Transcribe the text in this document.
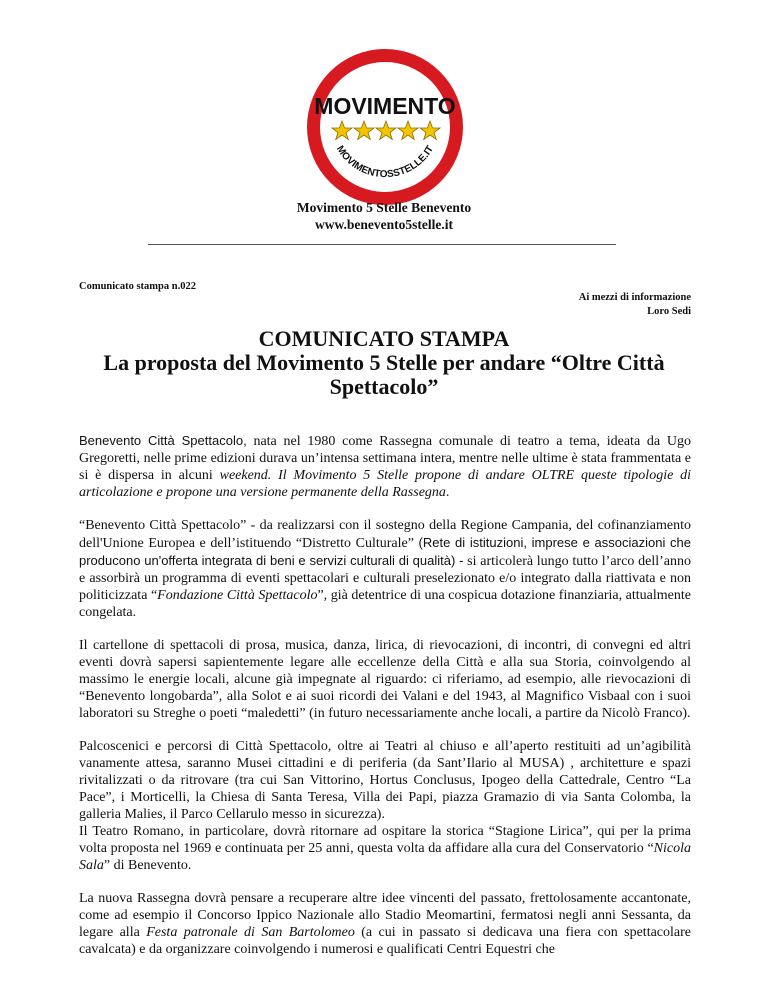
MOVIMENTO
MOVIMENTOSSTELLE.IT
Movimento 5 Stelle Benevento
www.benevento5stelle.it
Comunicato stampa n.022
Ai mezzi di informazione
Loro Sedi
COMUNICATO STAMPA
La proposta del Movimento 5 Stelle per andare “Oltre Città Spettacolo”

Benevento Città Spettacolo, nata nel 1980 come Rassegna comunale di teatro a tema, ideata da Ugo Gregoretti, nelle prime edizioni durava un’intensa settimana intera, mentre nelle ultime è stata frammentata e si è dispersa in alcuni weekend. Il Movimento 5 Stelle propone di andare OLTRE queste tipologie di articolazione e propone una versione permanente della Rassegna.

“Benevento Città Spettacolo” - da realizzarsi con il sostegno della Regione Campania, del cofinanziamento dell'Unione Europea e dell’istituendo “Distretto Culturale” (Rete di istituzioni, imprese e associazioni che producono un'offerta integrata di beni e servizi culturali di qualità) - si articolerà lungo tutto l’arco dell’anno e assorbirà un programma di eventi spettacolari e culturali preselezionato e/o integrato dalla riattivata e non politicizzata “Fondazione Città Spettacolo”, già detentrice di una cospicua dotazione finanziaria, attualmente congelata.

Il cartellone di spettacoli di prosa, musica, danza, lirica, di rievocazioni, di incontri, di convegni ed altri eventi dovrà sapersi sapientemente legare alle eccellenze della Città e alla sua Storia, coinvolgendo al massimo le energie locali, alcune già impegnate al riguardo: ci riferiamo, ad esempio, alle rievocazioni di “Benevento longobarda”, alla Solot e ai suoi ricordi dei Valani e del 1943, al Magnifico Visbaal con i suoi laboratori su Streghe o poeti “maledetti” (in futuro necessariamente anche locali, a partire da Nicolò Franco).

Palcoscenici e percorsi di Città Spettacolo, oltre ai Teatri al chiuso e all’aperto restituiti ad un’agibilità vanamente attesa, saranno Musei cittadini e di periferia (da Sant’Ilario al MUSA) , architetture e spazi rivitalizzati o da ritrovare (tra cui San Vittorino, Hortus Conclusus, Ipogeo della Cattedrale, Centro “La Pace”, i Morticelli, la Chiesa di Santa Teresa, Villa dei Papi, piazza Gramazio di via Santa Colomba, la galleria Malies, il Parco Cellarulo messo in sicurezza).
Il Teatro Romano, in particolare, dovrà ritornare ad ospitare la storica “Stagione Lirica”, qui per la prima volta proposta nel 1969 e continuata per 25 anni, questa volta da affidare alla cura del Conservatorio “Nicola Sala” di Benevento.

La nuova Rassegna dovrà pensare a recuperare altre idee vincenti del passato, frettolosamente accantonate, come ad esempio il Concorso Ippico Nazionale allo Stadio Meomartini, fermatosi negli anni Sessanta, da legare alla Festa patronale di San Bartolomeo (a cui in passato si dedicava una fiera con spettacolare cavalcata) e da organizzare coinvolgendo i numerosi e qualificati Centri Equestri che
